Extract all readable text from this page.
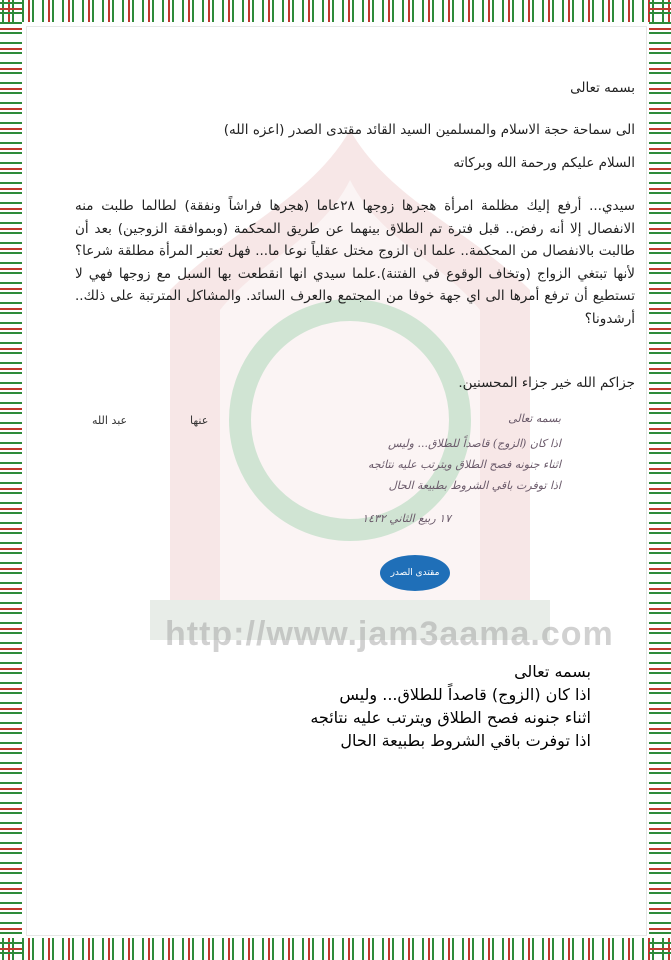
http://www.jam3aama.com
بسمه تعالى
الى سماحة حجة الاسلام والمسلمين السيد القائد مقتدى الصدر (اعزه الله)
السلام عليكم ورحمة الله وبركاته
سيدي... أرفع إليك مظلمة امرأة هجرها زوجها ٢٨عاما (هجرها فراشاً ونفقة) لطالما طلبت منه الانفصال إلا أنه رفض.. قبل فترة تم الطلاق بينهما عن طريق المحكمة (وبموافقة الزوجين) بعد أن طالبت بالانفصال من المحكمة.. علما ان الزوج مختل عقلياً نوعا ما... فهل تعتبر المرأة مطلقة شرعا؟ لأنها تبتغي الزواج (وتخاف الوقوع في الفتنة).علما سيدي انها انقطعت بها السبل مع زوجها فهي لا تستطيع أن ترفع أمرها الى اي جهة خوفا من المجتمع والعرف السائد. والمشاكل المترتبة على ذلك.. أرشدونا؟
جزاكم الله خير جزاء المحسنين.
عنها
عبد الله	بسمه تعالى
اذا كان (الزوج) قاصداً للطلاق... وليس
اثناء جنونه فصح الطلاق ويترتب عليه نتائجه
اذا توفرت باقي الشروط بطبيعة الحال
١٧ ربيع الثاني ١٤٣٢
مقتدى الصدر
بسمه تعالى
اذا كان (الزوج) قاصداً للطلاق... وليس
اثناء جنونه فصح الطلاق ويترتب عليه نتائجه
اذا توفرت باقي الشروط بطبيعة الحال
